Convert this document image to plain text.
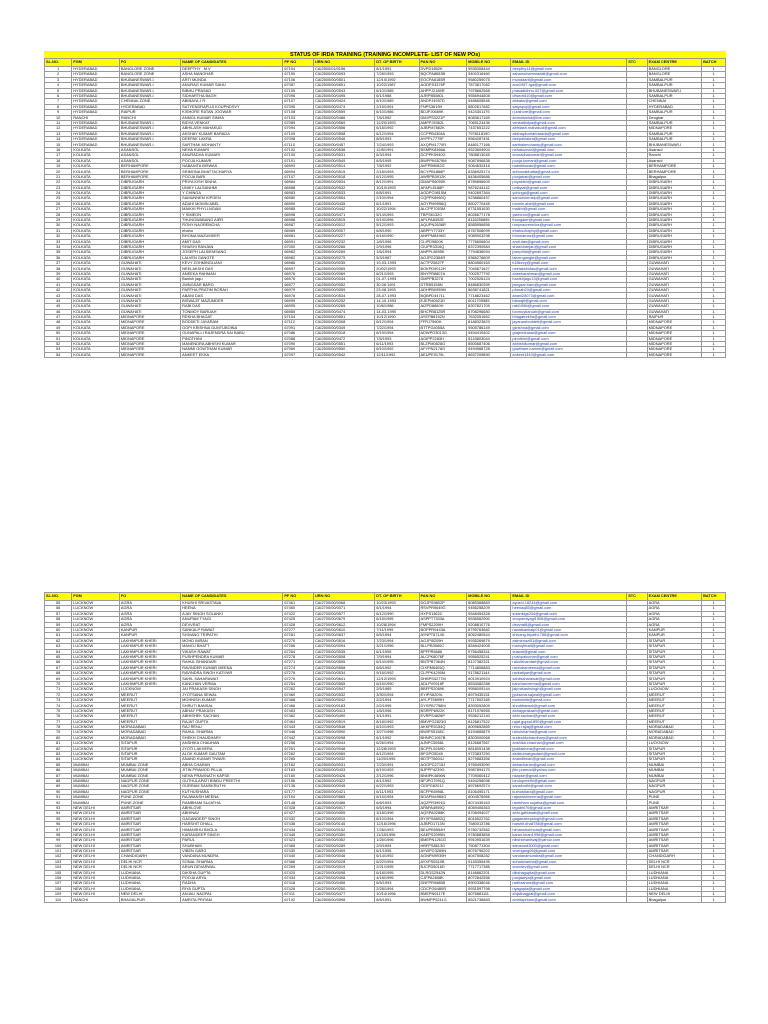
STATUS OF IRDA TRAINING (TRAINING INCOMPLETE- LIST OF NEW POs)

SL.NO.	FGM	FO	NAME OF CANDIDATES	PF NO	URN NO	DT. OF BIRTH	PAN NO	MOBILE NO	EMAIL ID	STC	EXAM CENTRE	BATCH
1	HYDERABAD	BANGLORE ZONE	DEEPTHY . M.V	67104	CAI2500/01/0156	8/1/1991	DVPD1852K	9535308444	deepthy14@gmail.com		BANGLORE	1
2	HYDERABAD	BANGLORE ZONE	ASHA MANOHAR	67150	CAI2500/00/0093	7/28/1993	BQCPA8653B	9400316460	ashamuhammadali@gmail.com		BANGLORE	1
3	HYDERABAD	BHUBANESWAR-I	ARTI MUNDA	67106	CAI2500/00/0501	12/10/1992	EOCPA6185R	9580259075	mundaarti@gmail.com		SAMBALPUR	1
4	HYDERABAD	BHUBANESWAR-I	ANURAG KUMAR SAHU	67087	CAI2500/00/0651	10/22/1987	AGDPS3376P	7873817082	anu1987.rga@gmail.com		SAMBALPUR	1
5	HYDERABAD	BHUBANESWAR-I	BIBHU PRASAD	67105	CAI2500/00/0543	6/10/1985	AHPPJ2189R	7978662568	prasadbibhu.007@gmail.com		BHUBANESWAR-I	1
6	HYDERABAD	BHUBANESWAR-I	SIDHARTHA BAGH	67096	CAI2500/00/0495	6/1/1988	AJRPB5580L	9556944808	dhworld10@gmail.com		SAMBALPUR	1
7	HYDERABAD	CHENNAI ZONE	ABINAYA J R	67107	CAI2500/00/0424	6/10/1989	ANDPJ4957D	9486608546	abbaks@gmail.com		CHENNAI	1
8	HYDERABAD	HYDERABAD	SATYENDRAPUJI KOUPNDSVY	67095	CAI2500/00/0474	2/15/1991	FNPS3619H	8802617682	satyapuji@gmail.com		HYDERABAD	1
9	HYDERABAD	RAIPUR	KISHORE RATAN JOGWAR	67108	CAI2500/00/0559	6/10/1986	BDJPJ0669K	9424301175	rj.kishore@gmail.com		SAMBALPUR	1
10	RANCHI	RANCHI	ANMOL KUMAR SINHA	67103	CAI2500/00/0486	7/6/1992	DMJPS3221P	8083617169	anmolsinha@live.com		Deoghar	1
11	HYDERABAD	BHUBANESWAR-I	BIDYA VENKAT	67089	CAI2500/00/0569	12/20/1993	AMPPJ5362L	7065124436	venkatbidya@gmail.com		SAMBALPUR	1
12	HYDERABAD	BHUBANESWAR-I	ABHILASH MAHAKUD	67094	CAI2500/00/0556	6/18/1992	AJBPM7882K	7437651222	abhilash.mahakud@gmail.com		MIDNAPORE	1
13	HYDERABAD	BHUBANESWAR-I	AKSHAY KUMAR BARADA	67109	CAI2500/00/0558	6/12/1994	CCPPB4304A	7978118190	akshaykumarbarada@gmail.com		SAMBALPUR	1
14	HYDERABAD	BHUBANESWAR-I	DEEPAK LAKRA	67098	CAI2500/00/0546	8/5/1993	AYPPL7779F	9564287491	deepaklakra@gmail.com		SAMBALPUR	1
15	HYDERABAD	BHUBANESWAR-I	SARTHAK MOHANTY	67110	CAI2500/00/0457	7/24/1993	AXQPM1770R	8480177166	sarthakmohanty@gmail.com		BHUBANESWAR-I	1
16	KOLKATA	ASANSOL	NEHA KUMARI	67102	CAI2500/00/0536	12/8/1991	BSMPK8366A	9523604904	nehakumari@gmail.com		Asansol	1
17	KOLKATA	ASANSOL	ANURADHA KUMARI	67100	CAI2500/00/0531	6/3/1994	DCPPK5940G	7808813045	anuradhakumari@gmail.com		Ranchi	1
18	KOLKATA	ASANSOL	POOJA KUMARI	67101	CAI2500/00/0549	6/5/1995	BWPPK6579M	9087896838	pooja.kumari@gmail.com		Asansol	1
19	KOLKATA	BERHAMPORE	NABANITA BISWAS	66993	CAI2500/00/0514	7/8/1992	AVFPB9082G	9064632416	nabobiswas@gmail.com		BERHAMPORE	1
20	KOLKATA	BERHAMPORE	SRIMONA BHATTACHARYA	66994	CAI2500/00/0515	2/18/1993	BCYPB1868P	8336925174	srimonabhatta@gmail.com		BERHAMPORE	1
21	KOLKATA	BERHAMPORE	POOJA BARI	67107	CAI2500/00/0518	6/12/1995	AWRPB3912K	8436405686	poojabari@gmail.com		Bhagalpur	1
22	KOLKATA	DIBRUGARH	PRIYA KISH SINHA	66984	CAI2500/00/0534	8/12/1991	DMAPS6090K	8789896609	priyakish@gmail.com		DIBRUGARH	1
23	KOLKATA	DIBRUGARH	UNIKY LALSANHMI	66988	CAI2500/00/0532	10/10/1993	AFAPL5188P	9876244142	unikylal@gmail.com		DIBRUGARH	1
24	KOLKATA	DIBRUGARH	Y CHINGA	66983	CAI2500/00/0533	6/8/1991	AGDPC9815M	9402697364	ychinga@gmail.com		DIBRUGARH	1
25	KOLKATA	DIBRUGARH	SAMUNNEM KIPGEN	66980	CAI2500/00/0554	2/10/1994	CQPPK8960Q	9238860457	samunnemkip@gmail.com		DIBRUGARH	1
26	KOLKATA	DIBRUGARH	ADAHI MOMIN ABEL	66990	CAI2500/00/0435	6/1/1991	AOYPM9956Q	8602770445	momin.abel@gmail.com		DIBRUGARH	1
27	KOLKATA	DIBRUGARH	MAIKHI PHYLLNGAM	66985	CAI2500/00/0442	10/22/1994	ALCPP7053M	8731551630	maikhi@gmail.com		DIBRUGARH	1
28	KOLKATA	DIBRUGARH	Y SIMEON	66998	CAI2500/00/0471	5/14/1993	TBPS6132C	8026677178	ysimeon@gmail.com		DIBRUGARH	1
29	KOLKATA	DIBRUGARH	THUNGWABANG AIER	66988	CAI2500/00/0515	9/19/1996	APLPA8392E	8115256895	thungaier@gmail.com		DIBRUGARH	1
30	KOLKATA	DIBRUGARH	RONY NAOREMCHA	66987	CAI2500/00/0012	5/12/1993	AQUPN2636R	8585956856	ronynaoremcha@gmail.com		DIBRUGARH	1
31	KOLKATA	DIBRUGARH	ebaho	66989	CAI2500/00/0007	6/8/1990	ABPPY7733Y	8787508099	ebahochaphy@gmail.com		DIBRUGARH	1
32	KOLKATA	DIBRUGARH	BHOMA MAZUMDER	66981	CAI2500/00/0227	6/16/1990	ANFPM8496G	9089903298	bhomamaz@gmail.com		DIBRUGARH	1
33	KOLKATA	DIBRUGARH	AMIT DAS	66991	CAI2500/00/0232	1/8/1996	CLIPD9800K	7776606604	amit.das@gmail.com		DIBRUGARH	1
34	KOLKATA	DIBRUGARH	SHASHI RANJAN	67000	CAI2500/00/0266	2/9/1996	CIUPR3316Q	8372390584	shashiranjan@gmail.com		DIBRUGARH	1
35	KOLKATA	DIBRUGARH	JOSEPH LALSIEMSANG	66982	CAI2500/00/0269	1/6/1994	ANPPL5895K	7794838094	josephlal@gmail.com		DIBRUGARH	1
36	KOLKATA	DIBRUGARH	LALVEN GANGTE	66982	CAI2500/00/0275	5/3/1987	AOJPG2354R	9366276809	lalvengangte@gmail.com		DIBRUGARH	1
37	KOLKATA	GUWAHATI	KEVY ZOHMINGLIANI	66986	CAI2500/00/0035	19-03-1993	ACTPZ5827F	8804560163	k18kevy@gmail.com		GUWAHATI	1
38	KOLKATA	GUWAHATI	NEELAKSHI DAS	66997	CAI2500/00/0065	20/02/1993	BOKPD9012H	7045871627	neelakshidas@gmail.com		GUWAHATI	1
39	KOLKATA	GUWAHATI	ANEEKA RAHMAN	66976	CAI2500/00/0069	6/21/1993	BNYPR8807A	7002577792	aneekarahman@gmail.com		GUWAHATI	1
40	KOLKATA	GUWAHATI	Banish jagu	66976	CAI2500/00/0044	01-07-1993	DMPPB3278	7002526124	banishjagu13@gmail.com		GUWAHATI	1
41	KOLKATA	GUWAHATI	JWNGSAR BARO	66977	CAI2500/00/0052	30.06.1991	DTRB5158N	8486830399	jwngsar.baro@gmail.com		GUWAHATI	1
42	KOLKATA	GUWAHATI	PARTHA PRATIM BORAH	66979	CAI2500/00/0059	23.08.1993	ADHPB0959M	8638741821	pborah24@gmail.com		GUWAHATI	1
43	KOLKATA	GUWAHATI	ABANI DAS	66976	CAI2500/00/0534	28-07-1993	BQBPD4471L	7718623462	abani28073@gmail.com		GUWAHATI	1
44	KOLKATA	GUWAHATI	BISWAJIT MAZUMDER	66999	CAI2500/00/0252	14-10-1993	EJEPM0521D	8011709585	biswajit@gmail.com		GUWAHATI	1
45	KOLKATA	GUWAHATI	RABI DAS	66995	CAI2500/00/0265	10/6/1986	AIZPD8860H	8307821709	rabi1986@gmail.com		GUWAHATI	1
46	KOLKATA	GUWAHATI	TONMOY BARUAH	66980	CAI2500/00/0474	14-03-1990	BHCPB8125R	8708296680	tonmoybaruah@gmail.com		GUWAHATI	1
47	KOLKATA	MIDNAPORE	REKHA BHAGAT	67104	CAI2500/00/0551	10/12/1990	AYEPB8152N	7632051662	bhagatrekha@gmail.com		RAIPUR	1
48	KOLKATA	MIDNAPORE	BODDETI JAYARAM	67112	CAI2500/00/0308	6/12/1994	FFRJ7560H	8188323823	jayaramboddeti@gmail.com		MIDNAPORE	1
49	KOLKATA	MIDNAPORE	GOPI KRISHNA GUNTUBOINA	67091	CAI2500/00/0349	7/22/1994	BTTPG4055A	9505786149	gkrishna@gmail.com		MIDNAPORE	1
50	KOLKATA	MIDNAPORE	GUNAPALLI RAJENDRA SAI BABU	67086	CAI2500/00/0318	6/19/1994	ADWPG3013G	9494419402	grajendrasai@gmail.com		MIDNAPORE	1
51	KOLKATA	MIDNAPORE	PINOTHINI	67088	CAI2500/00/0472	7/5/1993	AGIPP2283H	8143803044	pinothini@gmail.com		MIDNAPORE	1
52	KOLKATA	MIDNAPORE	MANENDRA ABHISHI KUMAR	67090	CAI2500/00/0551	6/11/1993	BLZPM0828G	8500687406	abhishikumar@gmail.com		MIDNAPORE	1
53	KOLKATA	MIDNAPORE	NAMMI GOWTHAM KUMAR	67069	CAI2500/00/0550	6/10/1992	AFYPN2178G	9494968728	gowtham.nammi@gmail.com		MIDNAPORE	1
54	KOLKATA	MIDNAPORE	ANKEET EKKA	67097	CAI2500/00/0542	12/11/1992	AEUPE9179L	8637209890	ankeet1440@gmail.com		MIDNAPORE	1
SL.NO.	FGM	FO	NAME OF CANDIDATES	PF NO	URN NO	DT. OF BIRTH	PAN NO	MOBILE NO	EMAIL ID	STC	EXAM CENTRE	BATCH
55	LUCKNOW	AGRA	KHUSHI SRIVASTAVA	67461	CAI2700/00/0068	10/23/1993	DOJPS9802P	8085368883	ayushi.18244@gmail.com		AGRA	1
56	LUCKNOW	AGRA	HEENA	67460	CAI2700/00/0071	6/1/1994	RSVPR9649G	9456258209	heenaq85@gmail.com		AGRA	1
57	LUCKNOW	AGRA	AJAY SINGH SOLANKI	67422	CAI2700/00/0577	6/12/1990	HXPS1362C	9548454328	solankigs034@gmail.com		AGRA	1
58	LUCKNOW	AGRA	ANUPAM TYAGI	67425	CAI2700/00/0679	6/15/1995	ASPPT7303A	9536562900	anupamtyagi1506@gmail.com		AGRA	1
59	LUCKNOW	AGRA	DEVVRAT	67426	CAI2700/00/0612	10/28/1994	FMPS2209H	9208810776	devvrat8@gmail.com		AGRA	1
60	LUCKNOW	KANPUR	SANKALP RAWAT	67277	CAI2700/00/0610	7/11/1995	BOPPR0443A	8795763682	rawatsankalp01@gmail.com		KANPUR	1
61	LUCKNOW	KANPUR	SHIVANG TRIPATHI	67281	CAI2700/00/0637	6/5/1994	AYNPT6714K	8052480544	shivang.tripathi.786@gmail.com		KANPUR	1
62	LUCKNOW	LAKHIMPUR KHERI	MOHD IMRAN	67270	CAI2700/00/0516	7/23/1994	AGJPI5209H	9935269879	asimirnazi51@gmail.com		SITAPUR	1
63	LUCKNOW	LAKHIMPUR KHERI	MANOJ BHATT	67266	CAI2700/00/0094	3/21/1996	BLLPB3960C	8546424005	manojbhatt@gmail.com		SITAPUR	1
64	LUCKNOW	LAKHIMPUR KHERI	VIKASH RAWAT	67264	CAI2700/00/0535	6/1/1995	BPFPR6686	9756458341	vrawat@gmail.com		SITAPUR	1
65	LUCKNOW	LAKHIMPUR KHERI	PUSHPENDRA KUMAR	67278	CAI2700/00/0508	7/9/1994	ALCPK8076F	9956525241	pushpakumar@gmail.com		SITAPUR	1
66	LUCKNOW	LAKHIMPUR KHERI	RAHUL BHANDARI	67271	CAI2700/00/0555	6/14/1995	BNTPB7364N	8127382321	rahulbhandari@gmail.com		SITAPUR	1
67	LUCKNOW	LAKHIMPUR KHERI	RAVINDER KUMAR MEENA	67274	CAI2700/00/0558	6/6/1992	CIXPM6405Q	7714806883	ravindrameena@gmail.com		SITAPUR	1
68	LUCKNOW	LAKHIMPUR KHERI	RAVINDRA SINGH KATIYAR	67276	CAI2700/00/0534	9/16/1992	CLPPK4290M	9178621144	ravkatiyar@gmail.com		SITAPUR	1
69	LUCKNOW	LAKHIMPUR KHERI	SAHIL SAHARAWAT	67276	CAI2700/00/0641	12/12/1993	DHBPS4277M	8013910924	sahilsaharawat@gmail.com		SITAPUR	1
70	LUCKNOW	LAKHIMPUR KHERI	KANCHAN VERMA	67254	CAI2700/00/0555	6/15/1990	ADLPV0918F	8534082288	kanchanverma@gmail.com		SITAPUR	1
71	LUCKNOW	LUCKNOW	JAI PRAKASH SINGH	67262	CAI2700/00/0547	2/5/1989	BBFPS2089K	9956009144	jaiprakashsingh@gmail.com		LUCKNOW	1
72	LUCKNOW	MEERUT	JYOTSANA SEWAL	67460	CAI2700/00/0532	3/30/1994	EYIPS6209L	8979435151	jyotsana.sajwal@gmail.com		MEERUT	1
73	LUCKNOW	MEERUT	MOHNISH KUMAR	67468	CAI2700/00/0042	2/2/1994	AYLPT5699H	7717502165	mohnishk@gmail.com		MEERUT	1
74	LUCKNOW	MEERUT	SHRUTI BANSAL	67466	CAI2700/00/0183	2/2/1995	DYSPB7758M	8393052809	shrutibansal@gmail.com		MEERUT	1
75	LUCKNOW	MEERUT	ABHAY PRAKASH	67463	CAI2700/00/0413	1/6/1996	BSRPP6922K	8171976955	abhayprakash@gmail.com		MEERUT	1
76	LUCKNOW	MEERUT	ABHISHEK SACHAN	67462	CAI2700/00/0490	3/1/1991	EVRPS4826P	9536212140	abhi.sachan@gmail.com		MEERUT	1
77	LUCKNOW	MEERUT	RAJAT GUPTA	67464	CAI2700/00/0519	8/18/1992	BMVPG2823G	8126817522	rajat.gupta1890@gmail.com		MEERUT	1
78	LUCKNOW	MORADABAD	RAJ RENU	67443	CAI2700/00/0548	6/10/1993	AKKPR0154Q	8009652865	renu.rajraj@gmail.com		MORADABAD	1
79	LUCKNOW	MORADABAD	RAHUL SHARMA	67446	CAI2700/00/0590	3/27/1996	BWIPS5158C	8194665879	rahulsharma@gmail.com		MORADABAD	1
80	LUCKNOW	MORADABAD	SHEKH CHAUDHARY	67442	CAI2700/00/0098	6/1/1992	BHNPC1067B	8303000068	sudeshkchaudhary@gmail.com		MORADABAD	1
81	LUCKNOW	SITAPUR	ANSHIKA CHAUHAN	67258	CAI2700/00/0044	6/26/1994	AJNPC5558L	8126687567	anshika.chauhan@gmail.com		LUCKNOW	1
82	LUCKNOW	SITAPUR	JYOTI LAKHERA	67251	CAI2700/00/0048	12/28/1993	BCPPL9269D	8818051438	jyotilakhera@gmail.com		SITAPUR	1
83	LUCKNOW	SITAPUR	ALOK KUMAR GAUTAM	67262	CAI2700/00/0069	6/12/1994	BFGPG5045	9723837250	alokkumargautam@gmail.com		SITAPUR	1
84	LUCKNOW	SITAPUR	ANAND KUMAR TIWARI	67265	CAI2700/00/0032	11/25/1995	BDTPT6604J	8279883356	anandtiwari@gmail.com		SITAPUR	1
85	MUMBAI	MUMBAI ZONE	ABHA CHARAN	67162	CAI2500/00/0031	7/23/1991	AOGPC2715J	9765493090	abhacharan@gmail.com		MUMBAI	1
86	MUMBAI	MUMBAI ZONE	JITIN PRAMOD PILLAI	67163	CAI2500/00/0433	6/19/1993	BJPPP4239G	9987894170	jitin.pramod@yahoo.com		MUMBAI	1
87	MUMBAI	MUMBAI ZONE	NEHA PRAVINATH KAPSE	67160	CAI2500/00/0426	2/12/1996	BNNPK4696N	7709060412	nkapse@gmail.com		MUMBAI	1
88	MUMBAI	NAGPUR ZONE	GUTHULAPATI BINDU PREETHI	67156	CAI2500/00/0322	8/1/1992	BPJPG7991Q	9494258098	bindupreethi@gmail.com		NAGPUR	1
89	MUMBAI	NAGPUR ZONE	GURRAM SANSKRUTHI	67136	CAI2500/00/0045	6/22/1993	CIDPG6201J	8978692574	sanskruthi@gmail.com		NAGPUR	1
90	MUMBAI	NAGPUR ZONE	KUTHUSHARA	67177	CAI2500/00/0421	6/11/1993	BCFPK6998L	8106495171	kuthushara@gmail.com		NAGPUR	1
91	MUMBAI	PUNE ZONE	RAJWANSH MEENA	67104	CAI2500/00/0565	6/15/1994	BOAPM4965G	8004578966	rajwanshmeena@gmail.com		PUNE	1
92	MUMBAI	PUNE ZONE	RAMBHAM SUJATHA	67148	CAI2500/00/0486	6/8/1993	AQZPR3991D	8074435163	rambham.sujatha@gmail.com		PUNE	1
93	NEW DELHI	AMRITSAR	ABHILOVE	67428	CAI2700/00/0017	6/5/1994	APAPA4959Q	8059406363	legabhi70@gmail.com		AMRITSAR	1
94	NEW DELHI	AMRITSAR	ABHINAV	67427	CAI2700/00/0055	3/18/1996	AQSPA0288K	8708494027	abhi.gahlawat@gmail.com		AMRITSAR	1
95	NEW DELHI	AMRITSAR	GAGANDEEP SINGH	67432	CAI2700/00/0015	6/10/1994	BYXPS8892Q	8016522762	gagandeepsingh@gmail.com		AMRITSAR	1
96	NEW DELHI	AMRITSAR	HARSHIT DHALL	67436	CAI2700/00/0145	12/16/1996	AJBPD1713N	7580013786	harshit.dhall786@gmail.com		AMRITSAR	1
97	NEW DELHI	AMRITSAR	HIMANSHU BHOLA	67434	CAI2700/00/0152	7/28/1993	BEUPB5554H	9780732582	himanshubhola@gmail.com		AMRITSAR	1
98	NEW DELHI	AMRITSAR	KARANDEEP SINGH	67445	CAI2700/00/0350	11/18/1996	KAEPS2095N	9780883858	karan.kiran1996@gmail.com		AMRITSAR	1
99	NEW DELHI	AMRITSAR	PARUL	67423	CAI2700/00/0352	1/26/1996	BMEPN1261G	9910951639	nitishbhardwaj@yahoo.com		AMRITSAR	1
100	NEW DELHI	AMRITSAR	SHUBHAM	67465	CAI2700/00/0289	2/9/1994	HBFPS8613G	7508771304	samsood3000@gmail.com		AMRITSAR	1
101	NEW DELHI	AMRITSAR	VIBEN GARG	67430	CAI2700/00/0409	6/1/1995	AYWPG3269N	8076796202	vivengarg06@gmail.com		AMRITSAR	1
102	NEW DELHI	CHANDIGARH	VANDANA MUNDRA	67440	CAI2700/00/0046	6/14/1992	AGNPM9939H	8047508282	vandanamundra@gmail.com		CHANDIGARH	1
103	NEW DELHI	DELHI NCR	SONAL SHARMA	67466	CAI2700/00/0028	6/22/1994	AYXPS0519B	9145355495	sonalsharma@gmail.com		DELHI NCR	1
104	NEW DELHI	DELHI NCR	ARUN DEVARWAL	67269	CAI2700/00/0019	2/21/1995	BJCPD5016D	7717717385	arundev@gmail.com		DELHI NCR	1
105	NEW DELHI	LUDHIANA	DIKSHA GUPTA	67420	CAI2700/00/0098	6/18/1995	DLRGS2542N	8146662201	dikshagupta@gmail.com		LUDHIANA	1
106	NEW DELHI	LUDHIANA	POOJA ARYA	67434	CAI2700/00/0408	4/18/1995	CJFPA2608K	8072842556	poojaarya@gmail.com		LUDHIANA	1
107	NEW DELHI	LUDHIANA	RADHA	67418	CAI2700/00/0456	6/5/1993	DNFPR0685B	8900338046	radhaarora@gmail.com		LUDHIANA	1
108	NEW DELHI	LUDHIANA	RIYA GUPTA	67426	CAI2700/00/0250	2/28/1994	CDCPG6480R	9931597798	riyagupta@gmail.com		LUDHIANA	1
109	NEW DELHI	NEW DELHI	ANJALI NAGPAL	67411	CAI2700/00/0477	10/14/1996	BMEPN6117E	8076881111	anjalinagpal@gmail.com		NEW DELHI	1
110	RANCHI	BHAGALPUR	AMRITA PRITAM	67102	CAI2500/00/0598	8/5/1991	BWMPP5211G	8521736883	amritapritam@gmail.com		Bhagalpur	1
